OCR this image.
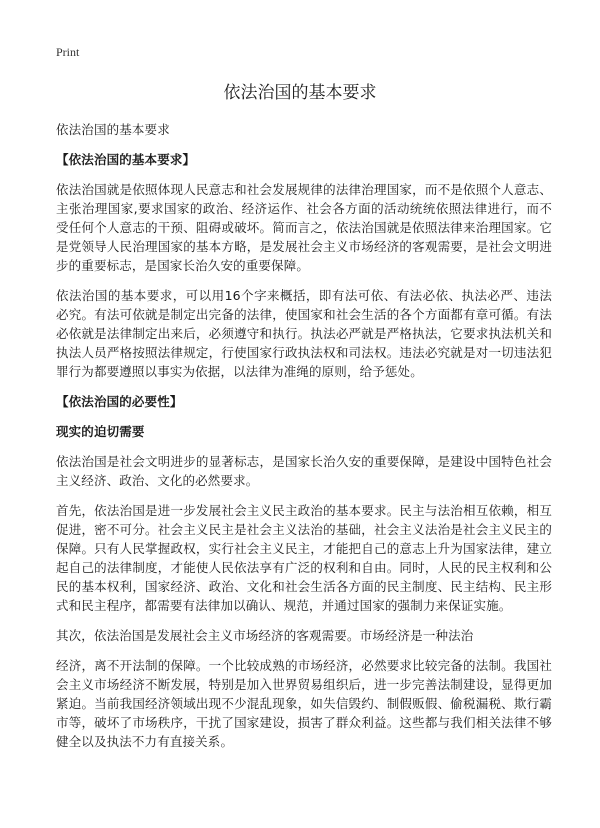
Print
依法治国的基本要求
依法治国的基本要求
【依法治国的基本要求】

依法治国就是依照体现人民意志和社会发展规律的法律治理国家，而不是依照个人意志、主张治理国家,要求国家的政治、经济运作、社会各方面的活动统统依照法律进行，而不受任何个人意志的干预、阻碍或破坏。简而言之，依法治国就是依照法律来治理国家。它是党领导人民治理国家的基本方略，是发展社会主义市场经济的客观需要，是社会文明进步的重要标志，是国家长治久安的重要保障。

依法治国的基本要求，可以用16个字来概括，即有法可依、有法必依、执法必严、违法必究。有法可依就是制定出完备的法律，使国家和社会生活的各个方面都有章可循。有法必依就是法律制定出来后，必须遵守和执行。执法必严就是严格执法，它要求执法机关和执法人员严格按照法律规定，行使国家行政执法权和司法权。违法必究就是对一切违法犯罪行为都要遵照以事实为依据，以法律为准绳的原则，给予惩处。

【依法治国的必要性】
现实的迫切需要

依法治国是社会文明进步的显著标志，是国家长治久安的重要保障，是建设中国特色社会主义经济、政治、文化的必然要求。

首先，依法治国是进一步发展社会主义民主政治的基本要求。民主与法治相互依赖，相互促进，密不可分。社会主义民主是社会主义法治的基础，社会主义法治是社会主义民主的保障。只有人民掌握政权，实行社会主义民主，才能把自己的意志上升为国家法律，建立起自己的法律制度，才能使人民依法享有广泛的权利和自由。同时，人民的民主权利和公民的基本权利，国家经济、政治、文化和社会生活各方面的民主制度、民主结构、民主形式和民主程序，都需要有法律加以确认、规范，并通过国家的强制力来保证实施。

其次，依法治国是发展社会主义市场经济的客观需要。市场经济是一种法治

经济，离不开法制的保障。一个比较成熟的市场经济，必然要求比较完备的法制。我国社会主义市场经济不断发展，特别是加入世界贸易组织后，进一步完善法制建设，显得更加紧迫。当前我国经济领域出现不少混乱现象，如失信毁约、制假贩假、偷税漏税、欺行霸市等，破坏了市场秩序，干扰了国家建设，损害了群众利益。这些都与我们相关法律不够健全以及执法不力有直接关系。
